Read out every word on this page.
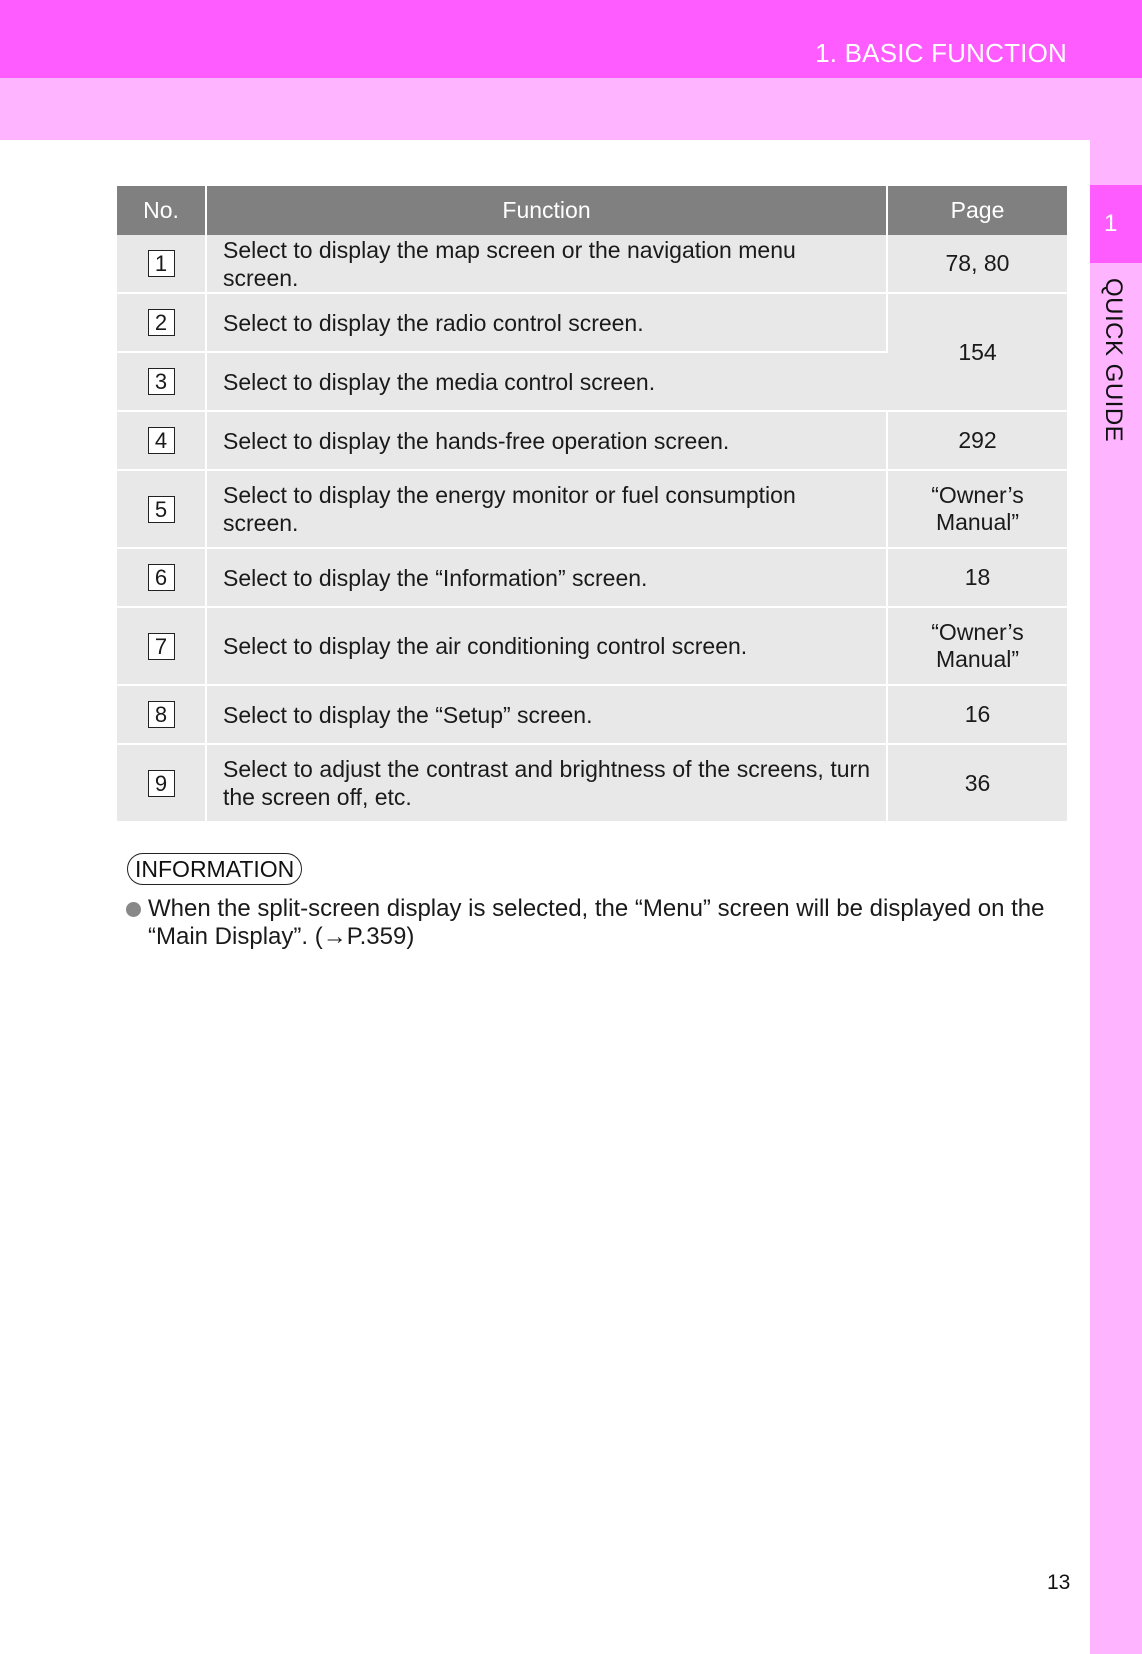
1. BASIC FUNCTION
1
QUICK GUIDE
No.	Function	Page
1	Select to display the map screen or the navigation menu screen.	78, 80
2	Select to display the radio control screen.	154
3	Select to display the media control screen.	
4	Select to display the hands-free operation screen.	292
5	Select to display the energy monitor or fuel consumption screen.	“Owner’s
Manual”

6	Select to display the “Information” screen.	18
7	Select to display the air conditioning control screen.	“Owner’s
Manual”

8	Select to display the “Setup” screen.	16
9	Select to adjust the contrast and brightness of the screens, turn the screen off, etc.	36
INFORMATION
When the split-screen display is selected, the “Menu” screen will be displayed on the “Main Display”. (→P.359)
13
